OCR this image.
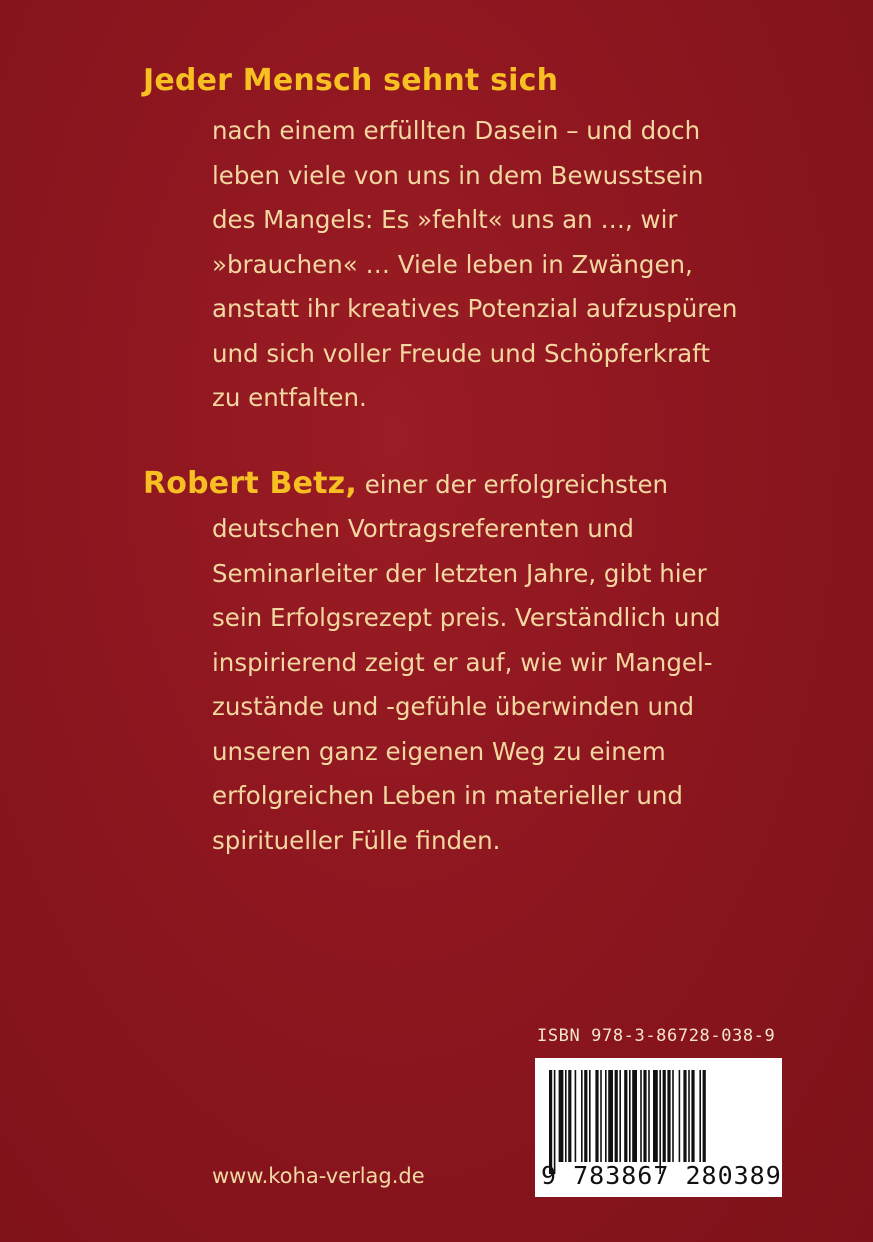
Jeder Mensch sehnt sich
nach einem erfüllten Dasein – und doch
leben viele von uns in dem Bewusstsein
des Mangels: Es »fehlt« uns an …, wir
»brauchen« … Viele leben in Zwängen,
anstatt ihr kreatives Potenzial aufzuspüren
und sich voller Freude und Schöpferkraft
zu entfalten.
Robert Betz, einer der erfolgreichsten
deutschen Vortragsreferenten und
Seminarleiter der letzten Jahre, gibt hier
sein Erfolgsrezept preis. Verständlich und
inspirierend zeigt er auf, wie wir Mangel-
zustände und -gefühle überwinden und
unseren ganz eigenen Weg zu einem
erfolgreichen Leben in materieller und
spiritueller Fülle finden.
ISBN 978-3-86728-038-9
9 783867 280389
www.koha-verlag.de
